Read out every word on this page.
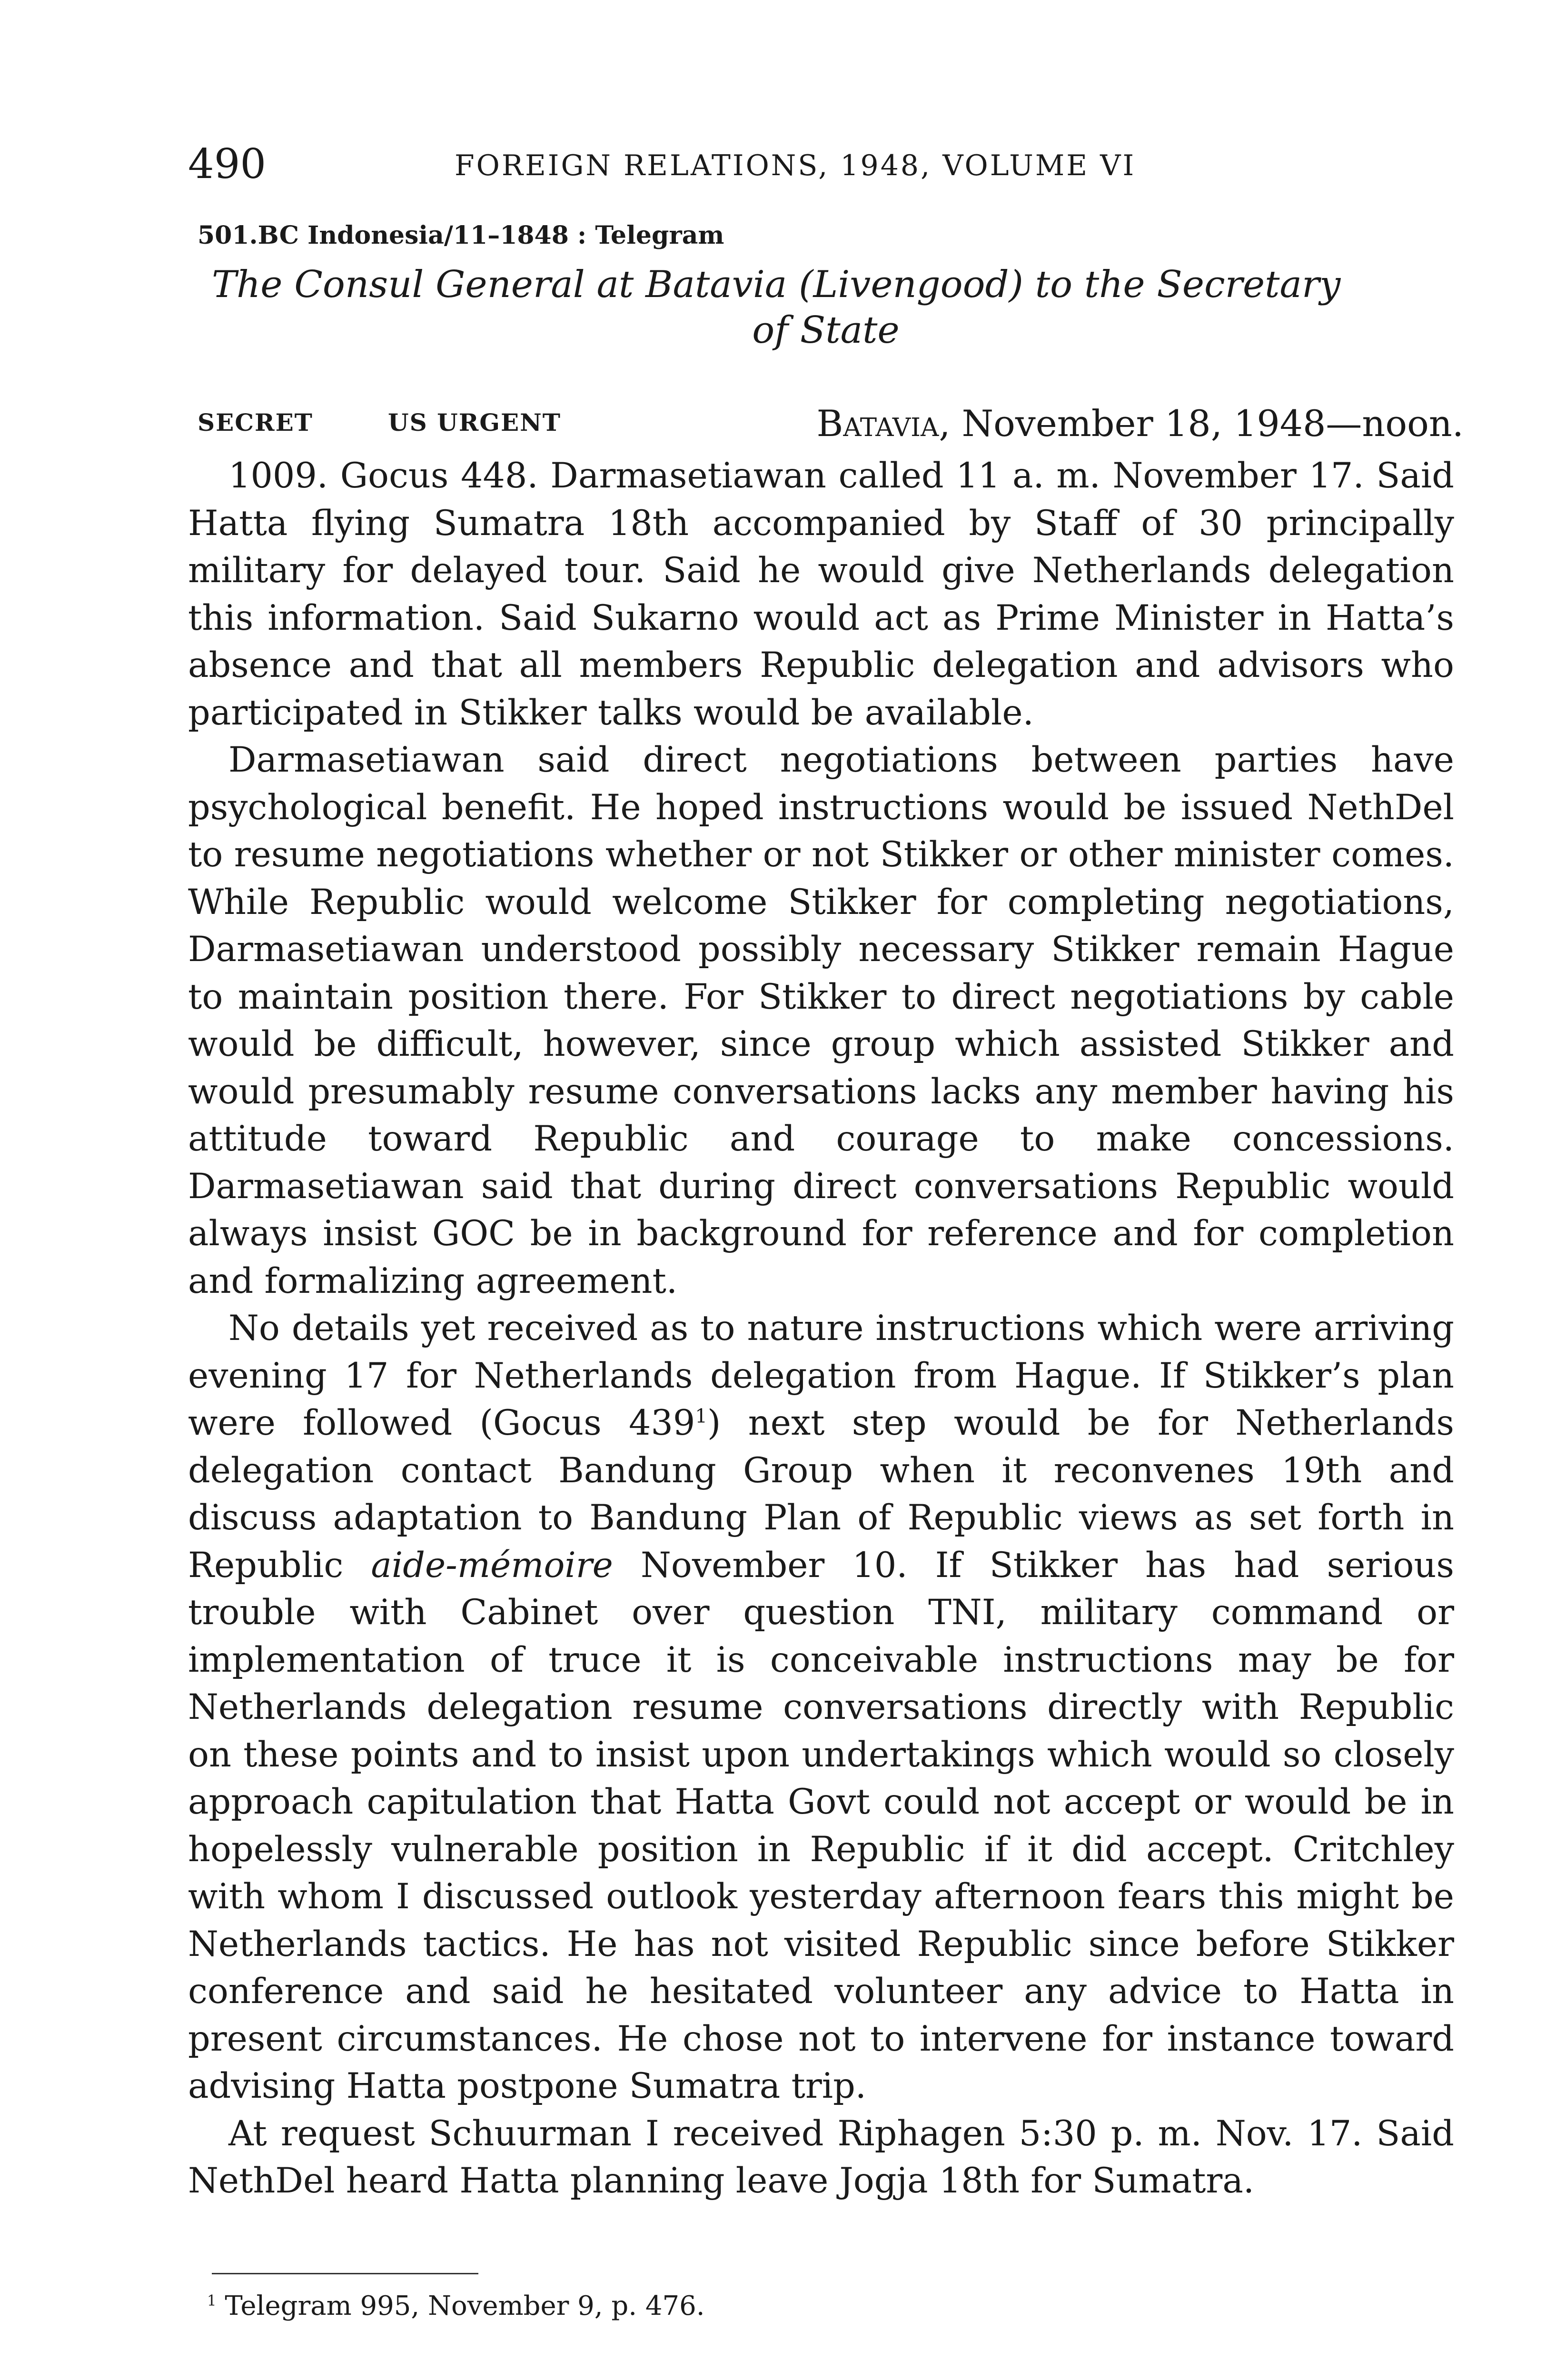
490	FOREIGN RELATIONS, 1948, VOLUME VI
501.BC Indonesia/11–1848 : Telegram
The Consul General at Batavia (Livengood) to the Secretary
of State
SECRET	US URGENT	Batavia, November 18, 1948—noon.

1009. Gocus 448. Darmasetiawan called 11 a. m. November 17. Said Hatta flying Sumatra 18th accompanied by Staff of 30 principally military for delayed tour. Said he would give Netherlands delegation this information. Said Sukarno would act as Prime Minister in Hatta’s absence and that all members Republic delegation and advisors who participated in Stikker talks would be available.

Darmasetiawan said direct negotiations between parties have psychological benefit. He hoped instructions would be issued NethDel to resume negotiations whether or not Stikker or other minister comes. While Republic would welcome Stikker for completing negotiations, Darmasetiawan understood possibly necessary Stikker remain Hague to maintain position there. For Stikker to direct negotiations by cable would be difficult, however, since group which assisted Stikker and would presumably resume conversations lacks any member having his attitude toward Republic and courage to make concessions. Darmasetiawan said that during direct conversations Republic would always insist GOC be in background for reference and for completion and formalizing agreement.

No details yet received as to nature instructions which were arriving evening 17 for Netherlands delegation from Hague. If Stikker’s plan were followed (Gocus $439^1$) next step would be for Netherlands delegation contact Bandung Group when it reconvenes 19th and discuss adaptation to Bandung Plan of Republic views as set forth in Republic aide-mémoire November 10. If Stikker has had serious trouble with Cabinet over question TNI, military command or implementation of truce it is conceivable instructions may be for Netherlands delegation resume conversations directly with Republic on these points and to insist upon undertakings which would so closely approach capitulation that Hatta Govt could not accept or would be in hopelessly vulnerable position in Republic if it did accept. Critchley with whom I discussed outlook yesterday afternoon fears this might be Netherlands tactics. He has not visited Republic since before Stikker conference and said he hesitated volunteer any advice to Hatta in present circumstances. He chose not to intervene for instance toward advising Hatta postpone Sumatra trip.

At request Schuurman I received Riphagen 5:30 p. m. Nov. 17. Said NethDel heard Hatta planning leave Jogja 18th for Sumatra.

$^1$ Telegram 995, November 9, p. 476.
